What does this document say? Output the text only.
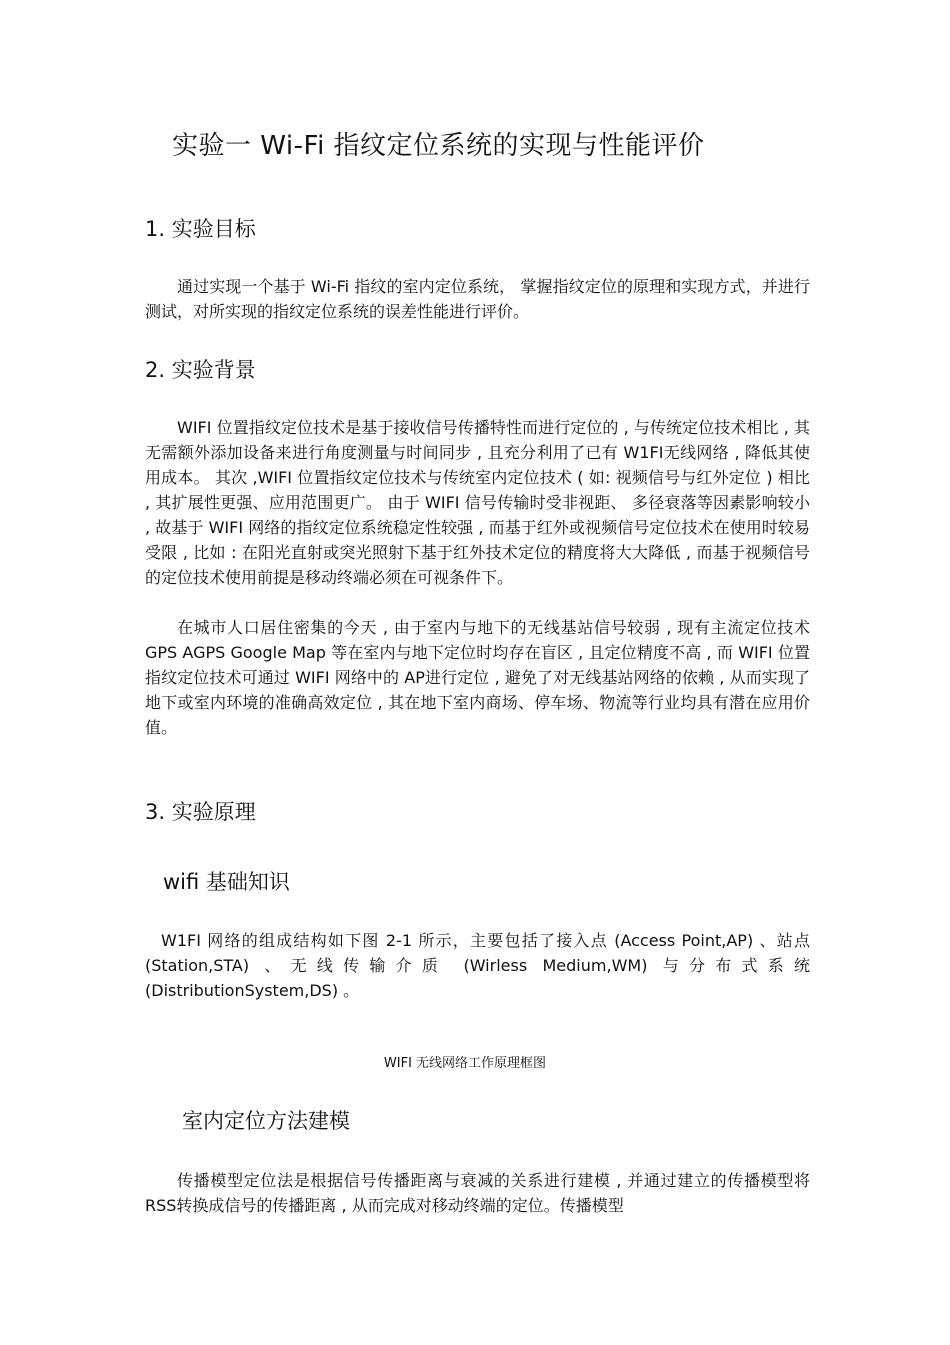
实验一 Wi-Fi 指纹定位系统的实现与性能评价
1. 实验目标
通过实现一个基于 Wi-Fi 指纹的室内定位系统， 掌握指纹定位的原理和实现方式，并进行测试，对所实现的指纹定位系统的误差性能进行评价。
2. 实验背景
WIFI 位置指纹定位技术是基于接收信号传播特性而进行定位的 , 与传统定位技术相比 , 其无需额外添加设备来进行角度测量与时间同步 , 且充分利用了已有 W1FI无线网络 , 降低其使用成本。 其次 ,WIFI 位置指纹定位技术与传统室内定位技术 ( 如: 视频信号与红外定位 ) 相比 , 其扩展性更强、应用范围更广。 由于 WIFI 信号传输时受非视距、 多径衰落等因素影响较小 , 故基于 WIFI 网络的指纹定位系统稳定性较强 , 而基于红外或视频信号定位技术在使用时较易受限 , 比如 : 在阳光直射或突光照射下基于红外技术定位的精度将大大降低 , 而基于视频信号的定位技术使用前提是移动终端必须在可视条件下。
在城市人口居住密集的今天 , 由于室内与地下的无线基站信号较弱 , 现有主流定位技术 GPS AGPS Google Map 等在室内与地下定位时均存在盲区 , 且定位精度不高 , 而 WIFI 位置指纹定位技术可通过 WIFI 网络中的 AP进行定位 , 避免了对无线基站网络的依赖 , 从而实现了地下或室内环境的准确高效定位 , 其在地下室内商场、停车场、物流等行业均具有潜在应用价值。
3. 实验原理
wifi 基础知识
W1FI 网络的组成结构如下图 2-1 所示，主要包括了接入点 (Access Point,AP) 、站点 (Station,STA) 、无线传输介质 (Wirless Medium,WM) 与分布式系统 (DistributionSystem,DS) 。
WIFI 无线网络工作原理框图
室内定位方法建模
传播模型定位法是根据信号传播距离与衰减的关系进行建模 , 并通过建立的传播模型将 RSS转换成信号的传播距离 , 从而完成对移动终端的定位。传播模型
